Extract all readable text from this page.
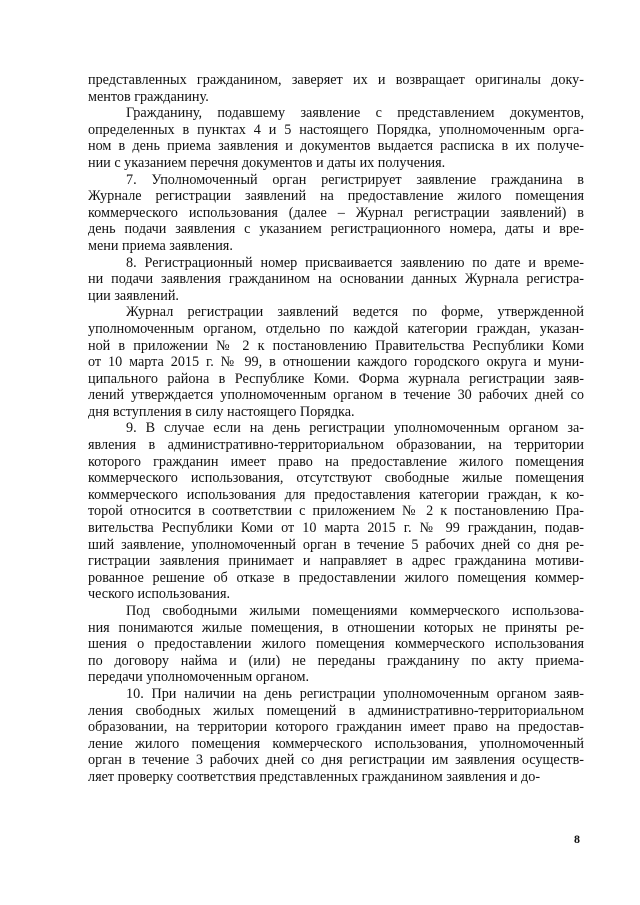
представленных гражданином, заверяет их и возвращает оригиналы доку-
ментов гражданину.
Гражданину, подавшему заявление с представлением документов,
определенных в пунктах 4 и 5 настоящего Порядка, уполномоченным орга-
ном в день приема заявления и документов выдается расписка в их получе-
нии с указанием перечня документов и даты их получения.
7. Уполномоченный орган регистрирует заявление гражданина в
Журнале регистрации заявлений на предоставление жилого помещения
коммерческого использования (далее – Журнал регистрации заявлений) в
день подачи заявления с указанием регистрационного номера, даты и вре-
мени приема заявления.
8. Регистрационный номер присваивается заявлению по дате и време-
ни подачи заявления гражданином на основании данных Журнала регистра-
ции заявлений.
Журнал регистрации заявлений ведется по форме, утвержденной
уполномоченным органом, отдельно по каждой категории граждан, указан-
ной в приложении № 2 к постановлению Правительства Республики Коми
от 10 марта 2015 г. № 99, в отношении каждого городского округа и муни-
ципального района в Республике Коми. Форма журнала регистрации заяв-
лений утверждается уполномоченным органом в течение 30 рабочих дней со
дня вступления в силу настоящего Порядка.
9. В случае если на день регистрации уполномоченным органом за-
явления в административно-территориальном образовании, на территории
которого гражданин имеет право на предоставление жилого помещения
коммерческого использования, отсутствуют свободные жилые помещения
коммерческого использования для предоставления категории граждан, к ко-
торой относится в соответствии с приложением № 2 к постановлению Пра-
вительства Республики Коми от 10 марта 2015 г. № 99 гражданин, подав-
ший заявление, уполномоченный орган в течение 5 рабочих дней со дня ре-
гистрации заявления принимает и направляет в адрес гражданина мотиви-
рованное решение об отказе в предоставлении жилого помещения коммер-
ческого использования.
Под свободными жилыми помещениями коммерческого использова-
ния понимаются жилые помещения, в отношении которых не приняты ре-
шения о предоставлении жилого помещения коммерческого использования
по договору найма и (или) не переданы гражданину по акту приема-
передачи уполномоченным органом.
10. При наличии на день регистрации уполномоченным органом заяв-
ления свободных жилых помещений в административно-территориальном
образовании, на территории которого гражданин имеет право на предостав-
ление жилого помещения коммерческого использования, уполномоченный
орган в течение 3 рабочих дней со дня регистрации им заявления осуществ-
ляет проверку соответствия представленных гражданином заявления и до-
8
